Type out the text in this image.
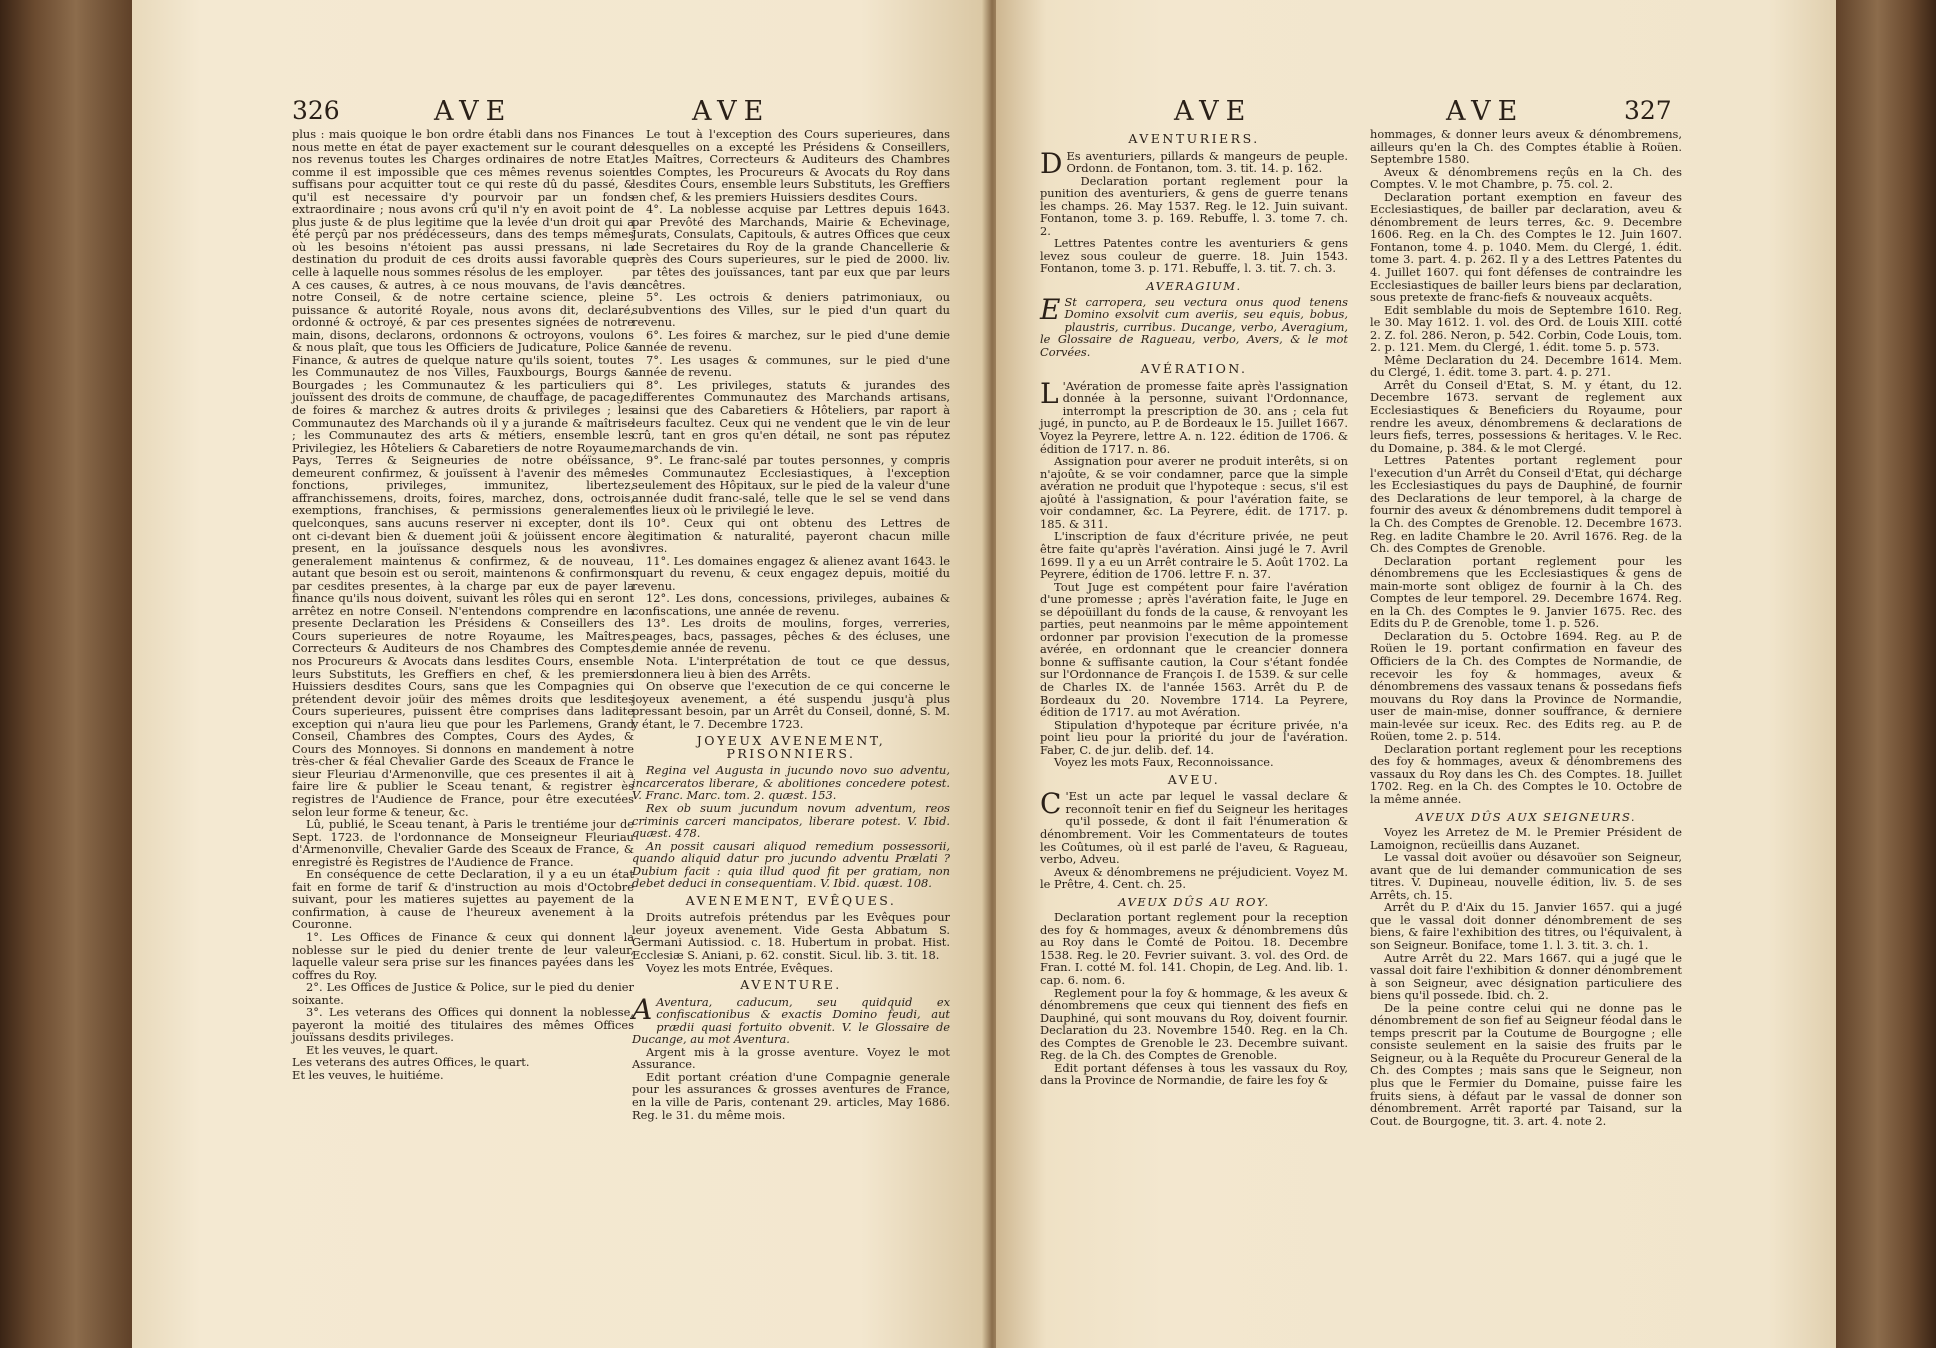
326	AVE	AVE

plus : mais quoique le bon ordre établi dans nos Finances nous mette en état de payer exactement sur le courant de nos revenus toutes les Charges ordinaires de notre Etat, comme il est impossible que ces mêmes revenus soient suffisans pour acquitter tout ce qui reste dû du passé, & qu'il est necessaire d'y pourvoir par un fonds extraordinaire ; nous avons crû qu'il n'y en avoit point de plus juste & de plus legitime que la levée d'un droit qui a été perçû par nos prédécesseurs, dans des temps mêmes où les besoins n'étoient pas aussi pressans, ni la destination du produit de ces droits aussi favorable que celle à laquelle nous sommes résolus de les employer.

A ces causes, & autres, à ce nous mouvans, de l'avis de notre Conseil, & de notre certaine science, pleine puissance & autorité Royale, nous avons dit, declaré, ordonné & octroyé, & par ces presentes signées de notre main, disons, declarons, ordonnons & octroyons, voulons & nous plaît, que tous les Officiers de Judicature, Police & Finance, & autres de quelque nature qu'ils soient, toutes les Communautez de nos Villes, Fauxbourgs, Bourgs & Bourgades ; les Communautez & les particuliers qui jouïssent des droits de commune, de chauffage, de pacage, de foires & marchez & autres droits & privileges ; les Communautez des Marchands où il y a jurande & maîtrise ; les Communautez des arts & métiers, ensemble les Privilegiez, les Hôteliers & Cabaretiers de notre Royaume, Pays, Terres & Seigneuries de notre obéïssance, demeurent confirmez, & jouïssent à l'avenir des mêmes fonctions, privileges, immunitez, libertez, affranchissemens, droits, foires, marchez, dons, octrois, exemptions, franchises, & permissions generalement quelconques, sans aucuns reserver ni excepter, dont ils ont ci-devant bien & duement joüi & joüissent encore à present, en la jouïssance desquels nous les avons generalement maintenus & confirmez, & de nouveau, autant que besoin est ou seroit, maintenons & confirmons par cesdites presentes, à la charge par eux de payer la finance qu'ils nous doivent, suivant les rôles qui en seront arrêtez en notre Conseil. N'entendons comprendre en la presente Declaration les Présidens & Conseillers des Cours superieures de notre Royaume, les Maîtres, Correcteurs & Auditeurs de nos Chambres des Comptes, nos Procureurs & Avocats dans lesdites Cours, ensemble leurs Substituts, les Greffiers en chef, & les premiers Huissiers desdites Cours, sans que les Compagnies qui prétendent devoir joüir des mêmes droits que lesdites Cours superieures, puissent être comprises dans ladite exception qui n'aura lieu que pour les Parlemens, Grand Conseil, Chambres des Comptes, Cours des Aydes, & Cours des Monnoyes. Si donnons en mandement à notre très-cher & féal Chevalier Garde des Sceaux de France le sieur Fleuriau d'Armenonville, que ces presentes il ait à faire lire & publier le Sceau tenant, & registrer ès registres de l'Audience de France, pour être executées selon leur forme & teneur, &c.

Lû, publié, le Sceau tenant, à Paris le trentiéme jour de Sept. 1723. de l'ordonnance de Monseigneur Fleuriau d'Armenonville, Chevalier Garde des Sceaux de France, & enregistré ès Registres de l'Audience de France.

En conséquence de cette Declaration, il y a eu un état fait en forme de tarif & d'instruction au mois d'Octobre suivant, pour les matieres sujettes au payement de la confirmation, à cause de l'heureux avenement à la Couronne.

1°. Les Offices de Finance & ceux qui donnent la noblesse sur le pied du denier trente de leur valeur, laquelle valeur sera prise sur les finances payées dans les coffres du Roy.

2°. Les Offices de Justice & Police, sur le pied du denier soixante.

3°. Les veterans des Offices qui donnent la noblesse, payeront la moitié des titulaires des mêmes Offices jouïssans desdits privileges.

Et les veuves, le quart.

Les veterans des autres Offices, le quart.

Et les veuves, le huitiéme.

Le tout à l'exception des Cours superieures, dans lesquelles on a excepté les Présidens & Conseillers, les Maîtres, Correcteurs & Auditeurs des Chambres des Comptes, les Procureurs & Avocats du Roy dans lesdites Cours, ensemble leurs Substituts, les Greffiers en chef, & les premiers Huissiers desdites Cours.

4°. La noblesse acquise par Lettres depuis 1643. par Prevôté des Marchands, Mairie & Echevinage, Jurats, Consulats, Capitouls, & autres Offices que ceux de Secretaires du Roy de la grande Chancellerie & près des Cours superieures, sur le pied de 2000. liv. par têtes des jouïssances, tant par eux que par leurs ancêtres.

5°. Les octrois & deniers patrimoniaux, ou subventions des Villes, sur le pied d'un quart du revenu.

6°. Les foires & marchez, sur le pied d'une demie année de revenu.

7°. Les usages & communes, sur le pied d'une année de revenu.

8°. Les privileges, statuts & jurandes des differentes Communautez des Marchands artisans, ainsi que des Cabaretiers & Hôteliers, par raport à leurs facultez. Ceux qui ne vendent que le vin de leur crû, tant en gros qu'en détail, ne sont pas réputez marchands de vin.

9°. Le franc-salé par toutes personnes, y compris les Communautez Ecclesiastiques, à l'exception seulement des Hôpitaux, sur le pied de la valeur d'une année dudit franc-salé, telle que le sel se vend dans les lieux où le privilegié le leve.

10°. Ceux qui ont obtenu des Lettres de legitimation & naturalité, payeront chacun mille livres.

11°. Les domaines engagez & alienez avant 1643. le quart du revenu, & ceux engagez depuis, moitié du revenu.

12°. Les dons, concessions, privileges, aubaines & confiscations, une année de revenu.

13°. Les droits de moulins, forges, verreries, peages, bacs, passages, pêches & des écluses, une demie année de revenu.

Nota. L'interprétation de tout ce que dessus, donnera lieu à bien des Arrêts.

On observe que l'execution de ce qui concerne le joyeux avenement, a été suspendu jusqu'à plus pressant besoin, par un Arrêt du Conseil, donné, S. M. y étant, le 7. Decembre 1723.

JOYEUX AVENEMENT, PRISONNIERS.

Regina vel Augusta in jucundo novo suo adventu, incarceratos liberare, & abolitiones concedere potest. V. Franc. Marc. tom. 2. quæst. 153.

Rex ob suum jucundum novum adventum, reos criminis carceri mancipatos, liberare potest. V. Ibid. quæst. 478.

An possit causari aliquod remedium possessorii, quando aliquid datur pro jucundo adventu Prælati ? Dubium facit : quia illud quod fit per gratiam, non debet deduci in consequentiam. V. Ibid. quæst. 108.

AVENEMENT, EVÊQUES.

Droits autrefois prétendus par les Evêques pour leur joyeux avenement. Vide Gesta Abbatum S. Germani Autissiod. c. 18. Hubertum in probat. Hist. Ecclesiæ S. Aniani, p. 62. constit. Sicul. lib. 3. tit. 18.

Voyez les mots Entrée, Evêques.

AVENTURE.

A Aventura, caducum, seu quidquid ex confiscationibus & exactis Domino feudi, aut prædii quasi fortuito obvenit. V. le Glossaire de Ducange, au mot Aventura.

Argent mis à la grosse aventure. Voyez le mot Assurance.

Edit portant création d'une Compagnie generale pour les assurances & grosses aventures de France, en la ville de Paris, contenant 29. articles, May 1686. Reg. le 31. du même mois.

AVE	AVE	327
AVENTURIERS.

D Es aventuriers, pillards & mangeurs de peuple. Ordonn. de Fontanon, tom. 3. tit. 14. p. 162.

Declaration portant reglement pour la punition des aventuriers, & gens de guerre tenans les champs. 26. May 1537. Reg. le 12. Juin suivant. Fontanon, tome 3. p. 169. Rebuffe, l. 3. tome 7. ch. 2.

Lettres Patentes contre les aventuriers & gens levez sous couleur de guerre. 18. Juin 1543. Fontanon, tome 3. p. 171. Rebuffe, l. 3. tit. 7. ch. 3.

AVERAGIUM.

E St carropera, seu vectura onus quod tenens Domino exsolvit cum averiis, seu equis, bobus, plaustris, curribus. Ducange, verbo, Averagium, le Glossaire de Ragueau, verbo, Avers, & le mot Corvées.

AVÉRATION.

L 'Avération de promesse faite après l'assignation donnée à la personne, suivant l'Ordonnance, interrompt la prescription de 30. ans ; cela fut jugé, in puncto, au P. de Bordeaux le 15. Juillet 1667. Voyez la Peyrere, lettre A. n. 122. édition de 1706. & édition de 1717. n. 86.

Assignation pour averer ne produit interêts, si on n'ajoûte, & se voir condamner, parce que la simple avération ne produit que l'hypoteque : secus, s'il est ajoûté à l'assignation, & pour l'avération faite, se voir condamner, &c. La Peyrere, édit. de 1717. p. 185. & 311.

L'inscription de faux d'écriture privée, ne peut être faite qu'après l'avération. Ainsi jugé le 7. Avril 1699. Il y a eu un Arrêt contraire le 5. Août 1702. La Peyrere, édition de 1706. lettre F. n. 37.

Tout Juge est compétent pour faire l'avération d'une promesse ; après l'avération faite, le Juge en se dépoüillant du fonds de la cause, & renvoyant les parties, peut neanmoins par le même appointement ordonner par provision l'execution de la promesse avérée, en ordonnant que le creancier donnera bonne & suffisante caution, la Cour s'étant fondée sur l'Ordonnance de François I. de 1539. & sur celle de Charles IX. de l'année 1563. Arrêt du P. de Bordeaux du 20. Novembre 1714. La Peyrere, édition de 1717. au mot Avération.

Stipulation d'hypoteque par écriture privée, n'a point lieu pour la priorité du jour de l'avération. Faber, C. de jur. delib. def. 14.

Voyez les mots Faux, Reconnoissance.

AVEU.

C 'Est un acte par lequel le vassal declare & reconnoît tenir en fief du Seigneur les heritages qu'il possede, & dont il fait l'énumeration & dénombrement. Voir les Commentateurs de toutes les Coûtumes, où il est parlé de l'aveu, & Ragueau, verbo, Adveu.

Aveux & dénombremens ne préjudicient. Voyez M. le Prêtre, 4. Cent. ch. 25.

AVEUX DÛS AU ROY.

Declaration portant reglement pour la reception des foy & hommages, aveux & dénombremens dûs au Roy dans le Comté de Poitou. 18. Decembre 1538. Reg. le 20. Fevrier suivant. 3. vol. des Ord. de Fran. I. cotté M. fol. 141. Chopin, de Leg. And. lib. 1. cap. 6. nom. 6.

Reglement pour la foy & hommage, & les aveux & dénombremens que ceux qui tiennent des fiefs en Dauphiné, qui sont mouvans du Roy, doivent fournir. Declaration du 23. Novembre 1540. Reg. en la Ch. des Comptes de Grenoble le 23. Decembre suivant. Reg. de la Ch. des Comptes de Grenoble.

Edit portant défenses à tous les vassaux du Roy, dans la Province de Normandie, de faire les foy &

hommages, & donner leurs aveux & dénombremens, ailleurs qu'en la Ch. des Comptes établie à Roüen. Septembre 1580.

Aveux & dénombremens reçûs en la Ch. des Comptes. V. le mot Chambre, p. 75. col. 2.

Declaration portant exemption en faveur des Ecclesiastiques, de bailler par declaration, aveu & dénombrement de leurs terres, &c. 9. Decembre 1606. Reg. en la Ch. des Comptes le 12. Juin 1607. Fontanon, tome 4. p. 1040. Mem. du Clergé, 1. édit. tome 3. part. 4. p. 262. Il y a des Lettres Patentes du 4. Juillet 1607. qui font défenses de contraindre les Ecclesiastiques de bailler leurs biens par declaration, sous pretexte de franc-fiefs & nouveaux acquêts.

Edit semblable du mois de Septembre 1610. Reg. le 30. May 1612. 1. vol. des Ord. de Louis XIII. cotté 2. Z. fol. 286. Neron, p. 542. Corbin, Code Louis, tom. 2. p. 121. Mem. du Clergé, 1. édit. tome 5. p. 573.

Même Declaration du 24. Decembre 1614. Mem. du Clergé, 1. édit. tome 3. part. 4. p. 271.

Arrêt du Conseil d'Etat, S. M. y étant, du 12. Decembre 1673. servant de reglement aux Ecclesiastiques & Beneficiers du Royaume, pour rendre les aveux, dénombremens & declarations de leurs fiefs, terres, possessions & heritages. V. le Rec. du Domaine, p. 384. & le mot Clergé.

Lettres Patentes portant reglement pour l'execution d'un Arrêt du Conseil d'Etat, qui décharge les Ecclesiastiques du pays de Dauphiné, de fournir des Declarations de leur temporel, à la charge de fournir des aveux & dénombremens dudit temporel à la Ch. des Comptes de Grenoble. 12. Decembre 1673. Reg. en ladite Chambre le 20. Avril 1676. Reg. de la Ch. des Comptes de Grenoble.

Declaration portant reglement pour les dénombremens que les Ecclesiastiques & gens de main-morte sont obligez de fournir à la Ch. des Comptes de leur temporel. 29. Decembre 1674. Reg. en la Ch. des Comptes le 9. Janvier 1675. Rec. des Edits du P. de Grenoble, tome 1. p. 526.

Declaration du 5. Octobre 1694. Reg. au P. de Roüen le 19. portant confirmation en faveur des Officiers de la Ch. des Comptes de Normandie, de recevoir les foy & hommages, aveux & dénombremens des vassaux tenans & possedans fiefs mouvans du Roy dans la Province de Normandie, user de main-mise, donner souffrance, & derniere main-levée sur iceux. Rec. des Edits reg. au P. de Roüen, tome 2. p. 514.

Declaration portant reglement pour les receptions des foy & hommages, aveux & dénombremens des vassaux du Roy dans les Ch. des Comptes. 18. Juillet 1702. Reg. en la Ch. des Comptes le 10. Octobre de la même année.

AVEUX DÛS AUX SEIGNEURS.

Voyez les Arretez de M. le Premier Président de Lamoignon, recüeillis dans Auzanet.

Le vassal doit avoüer ou désavoüer son Seigneur, avant que de lui demander communication de ses titres. V. Dupineau, nouvelle édition, liv. 5. de ses Arrêts, ch. 15.

Arrêt du P. d'Aix du 15. Janvier 1657. qui a jugé que le vassal doit donner dénombrement de ses biens, & faire l'exhibition des titres, ou l'équivalent, à son Seigneur. Boniface, tome 1. l. 3. tit. 3. ch. 1.

Autre Arrêt du 22. Mars 1667. qui a jugé que le vassal doit faire l'exhibition & donner dénombrement à son Seigneur, avec désignation particuliere des biens qu'il possede. Ibid. ch. 2.

De la peine contre celui qui ne donne pas le dénombrement de son fief au Seigneur féodal dans le temps prescrit par la Coutume de Bourgogne ; elle consiste seulement en la saisie des fruits par le Seigneur, ou à la Requête du Procureur General de la Ch. des Comptes ; mais sans que le Seigneur, non plus que le Fermier du Domaine, puisse faire les fruits siens, à défaut par le vassal de donner son dénombrement. Arrêt raporté par Taisand, sur la Cout. de Bourgogne, tit. 3. art. 4. note 2.
